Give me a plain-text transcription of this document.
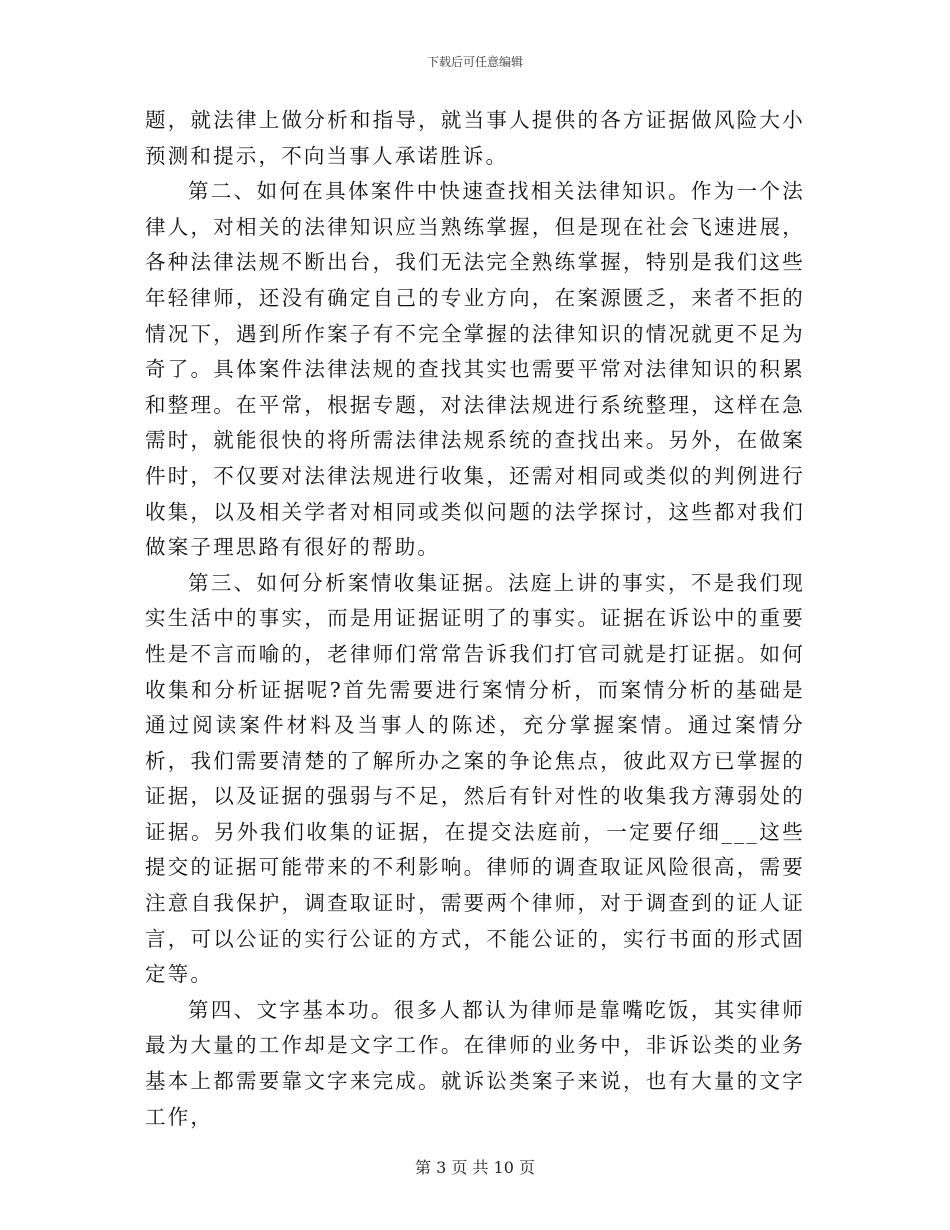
下载后可任意编辑

题，就法律上做分析和指导，就当事人提供的各方证据做风险大小预测和提示，不向当事人承诺胜诉。

第二、如何在具体案件中快速查找相关法律知识。作为一个法律人，对相关的法律知识应当熟练掌握，但是现在社会飞速进展，各种法律法规不断出台，我们无法完全熟练掌握，特别是我们这些年轻律师，还没有确定自己的专业方向，在案源匮乏，来者不拒的情况下，遇到所作案子有不完全掌握的法律知识的情况就更不足为奇了。具体案件法律法规的查找其实也需要平常对法律知识的积累和整理。在平常，根据专题，对法律法规进行系统整理，这样在急需时，就能很快的将所需法律法规系统的查找出来。另外，在做案件时，不仅要对法律法规进行收集，还需对相同或类似的判例进行收集，以及相关学者对相同或类似问题的法学探讨，这些都对我们做案子理思路有很好的帮助。

第三、如何分析案情收集证据。法庭上讲的事实，不是我们现实生活中的事实，而是用证据证明了的事实。证据在诉讼中的重要性是不言而喻的，老律师们常常告诉我们打官司就是打证据。如何收集和分析证据呢?首先需要进行案情分析，而案情分析的基础是通过阅读案件材料及当事人的陈述，充分掌握案情。通过案情分析，我们需要清楚的了解所办之案的争论焦点，彼此双方已掌握的证据，以及证据的强弱与不足，然后有针对性的收集我方薄弱处的证据。另外我们收集的证据，在提交法庭前，一定要仔细___这些提交的证据可能带来的不利影响。律师的调查取证风险很高，需要注意自我保护，调查取证时，需要两个律师，对于调查到的证人证言，可以公证的实行公证的方式，不能公证的，实行书面的形式固定等。

第四、文字基本功。很多人都认为律师是靠嘴吃饭，其实律师最为大量的工作却是文字工作。在律师的业务中，非诉讼类的业务基本上都需要靠文字来完成。就诉讼类案子来说，也有大量的文字工作，

第 3 页 共 10 页
